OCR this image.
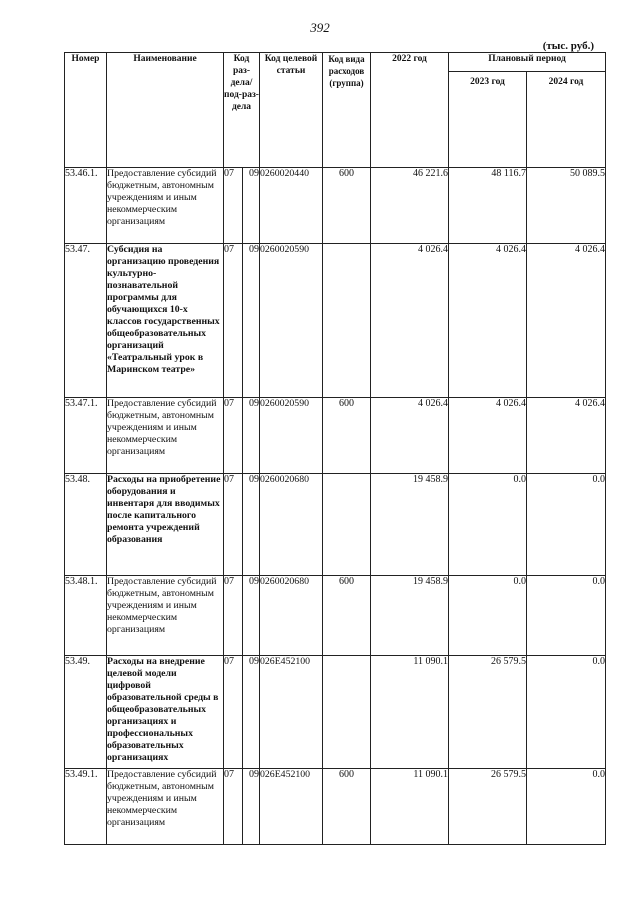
392
(тыс. руб.)
Номер	Наименование	Код раз-дела/ под-раз-дела		Код целевой статьи	Код вида расходов (группа)	2022 год	Плановый период	
							2023 год	2024 год
53.46.1.	Предоставление субсидий бюджетным, автономным учреждениям и иным некоммерческим организациям	07	09	0260020440	600	46 221.6	48 116.7	50 089.5
53.47.	Субсидия на организацию проведения культурно-познавательной программы для обучающихся 10-х классов государственных общеобразовательных организаций «Театральный урок в Маринском театре»	07	09	0260020590		4 026.4	4 026.4	4 026.4
53.47.1.	Предоставление субсидий бюджетным, автономным учреждениям и иным некоммерческим организациям	07	09	0260020590	600	4 026.4	4 026.4	4 026.4
53.48.	Расходы на приобретение оборудования и инвентаря для вводимых после капитального ремонта учреждений образования	07	09	0260020680		19 458.9	0.0	0.0
53.48.1.	Предоставление субсидий бюджетным, автономным учреждениям и иным некоммерческим организациям	07	09	0260020680	600	19 458.9	0.0	0.0
53.49.	Расходы на внедрение целевой модели цифровой образовательной среды в общеобразовательных организациях и профессиональных образовательных организациях	07	09	026Е452100		11 090.1	26 579.5	0.0
53.49.1.	Предоставление субсидий бюджетным, автономным учреждениям и иным некоммерческим организациям	07	09	026Е452100	600	11 090.1	26 579.5	0.0
